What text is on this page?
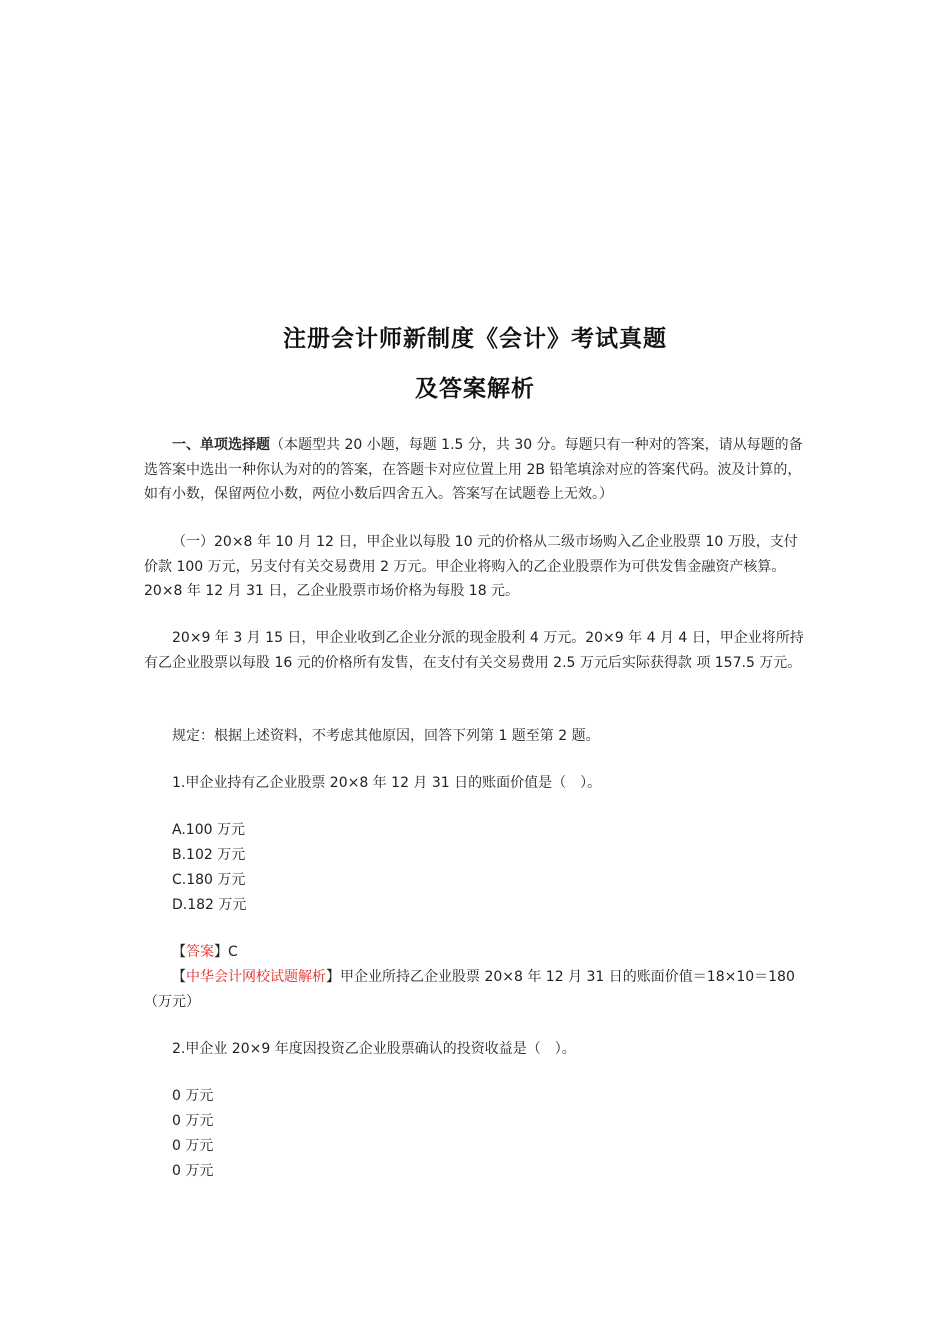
注册会计师新制度《会计》考试真题
及答案解析
一、单项选择题（本题型共 20 小题，每题 1.5 分，共 30 分。每题只有一种对的答案，请从每题的备选答案中选出一种你认为对的的答案，在答题卡对应位置上用 2B 铅笔填涂对应的答案代码。波及计算的，如有小数，保留两位小数，两位小数后四舍五入。答案写在试题卷上无效。）
（一）20×8 年 10 月 12 日，甲企业以每股 10 元的价格从二级市场购入乙企业股票 10 万股，支付价款 100 万元，另支付有关交易费用 2 万元。甲企业将购入的乙企业股票作为可供发售金融资产核算。20×8 年 12 月 31 日，乙企业股票市场价格为每股 18 元。
20×9 年 3 月 15 日，甲企业收到乙企业分派的现金股利 4 万元。20×9 年 4 月 4 日，甲企业将所持有乙企业股票以每股 16 元的价格所有发售，在支付有关交易费用 2.5 万元后实际获得款 项 157.5 万元。
规定：根据上述资料，不考虑其他原因，回答下列第 1 题至第 2 题。
1.甲企业持有乙企业股票 20×8 年 12 月 31 日的账面价值是（　）。
A.100 万元
B.102 万元
C.180 万元
D.182 万元
【答案】C
【中华会计网校试题解析】甲企业所持乙企业股票 20×8 年 12 月 31 日的账面价值＝18×10＝180（万元）
2.甲企业 20×9 年度因投资乙企业股票确认的投资收益是（　）。
0 万元
0 万元
0 万元
0 万元
